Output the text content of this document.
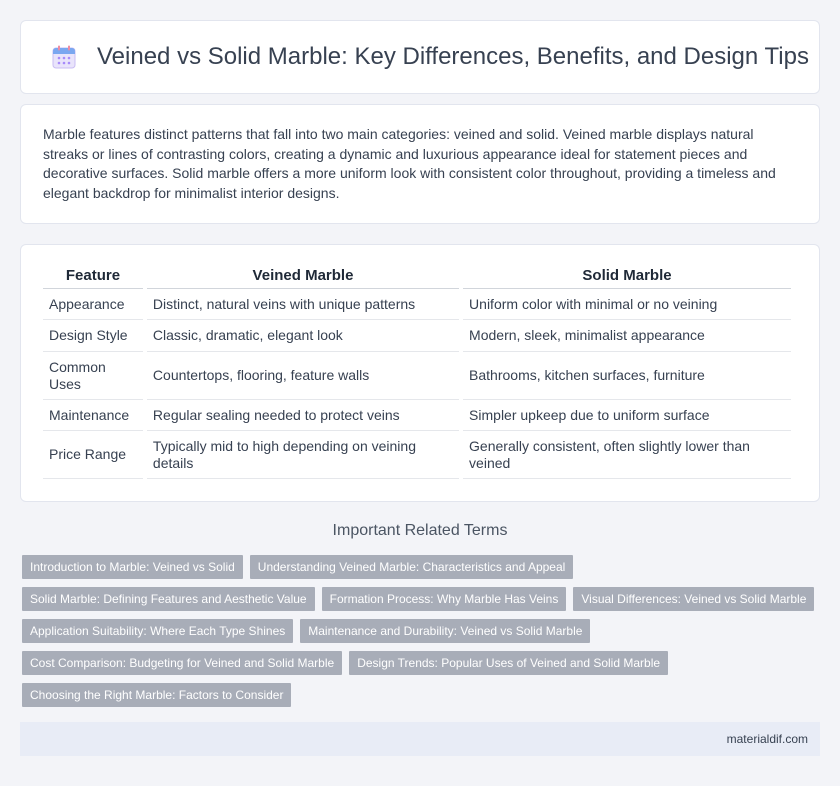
Veined vs Solid Marble: Key Differences, Benefits, and Design Tips

Marble features distinct patterns that fall into two main categories: veined and solid. Veined marble displays natural streaks or lines of contrasting colors, creating a dynamic and luxurious appearance ideal for statement pieces and decorative surfaces. Solid marble offers a more uniform look with consistent color throughout, providing a timeless and elegant backdrop for minimalist interior designs.

Feature	Veined Marble	Solid Marble
Appearance	Distinct, natural veins with unique patterns	Uniform color with minimal or no veining
Design Style	Classic, dramatic, elegant look	Modern, sleek, minimalist appearance
Common Uses	Countertops, flooring, feature walls	Bathrooms, kitchen surfaces, furniture
Maintenance	Regular sealing needed to protect veins	Simpler upkeep due to uniform surface
Price Range	Typically mid to high depending on veining details	Generally consistent, often slightly lower than veined
Important Related Terms
Introduction to Marble: Veined vs Solid	Understanding Veined Marble: Characteristics and Appeal
Solid Marble: Defining Features and Aesthetic Value	Formation Process: Why Marble Has Veins	Visual Differences: Veined vs Solid Marble
Application Suitability: Where Each Type Shines	Maintenance and Durability: Veined vs Solid Marble
Cost Comparison: Budgeting for Veined and Solid Marble	Design Trends: Popular Uses of Veined and Solid Marble
Choosing the Right Marble: Factors to Consider
materialdif.com
